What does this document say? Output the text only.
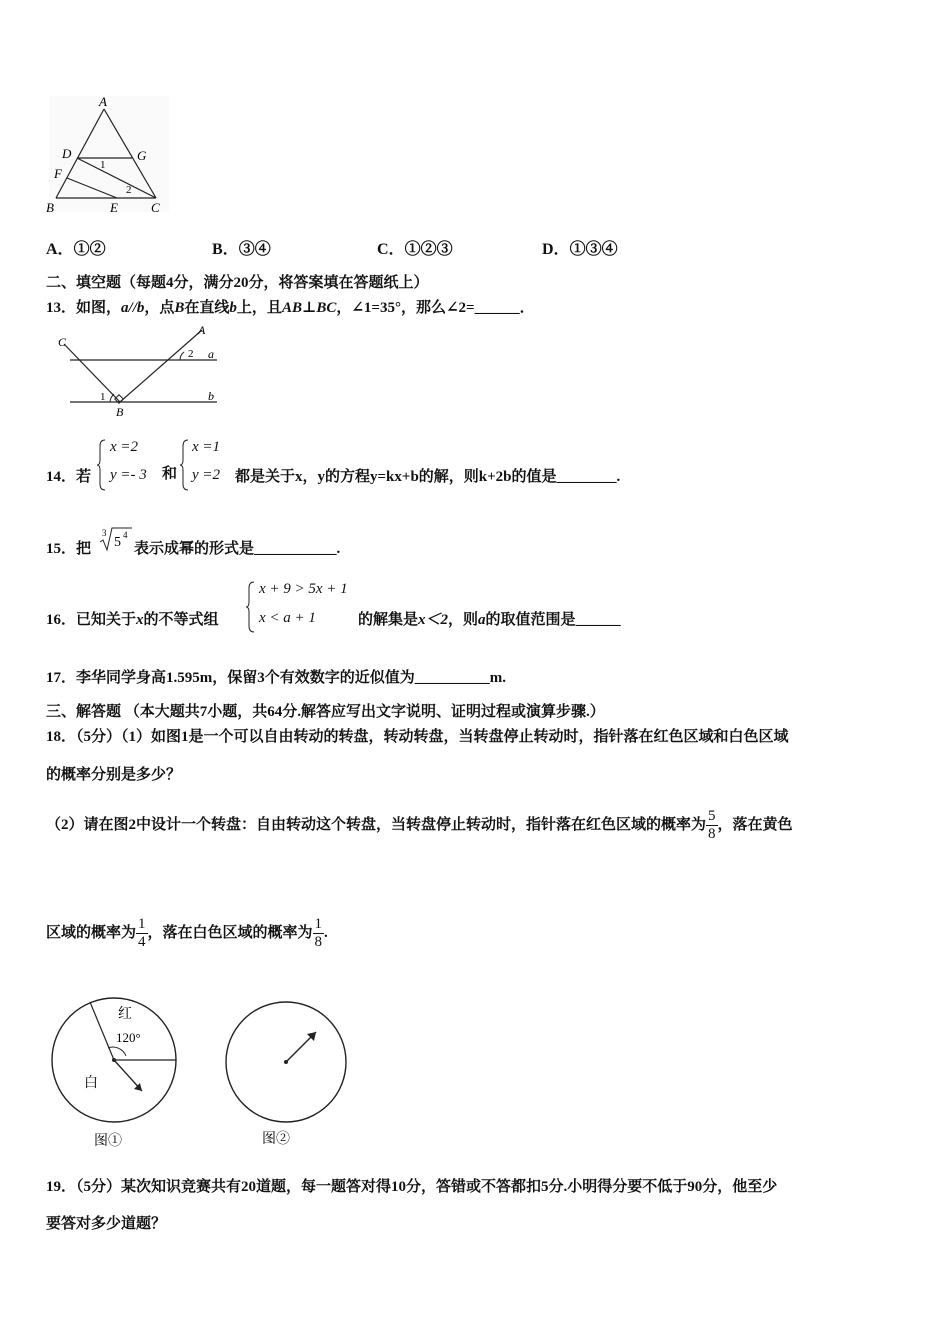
A
D	G
F
1
2
B	E	C
A．①②	B．③④	C．①②③	D．①③④
二、填空题（每题4分，满分20分，将答案填在答题纸上）
13．如图，a//b，点B在直线b上，且AB⊥BC，∠1=35°，那么∠2=______．
C
A
2 a
1
B
b
14．若
x =2
y =- 3 和
x =1
y =2 都是关于x，y的方程y=kx+b的解，则k+2b的值是________.
15．把
3
5 4
表示成幂的形式是___________.
16．已知关于x的不等式组
x + 9 > 5x + 1
x < a + 1	的解集是x＜2，则a的取值范围是______
17．李华同学身高1.595m，保留3个有效数字的近似值为__________m.
三、解答题 （本大题共7小题，共64分.解答应写出文字说明、证明过程或演算步骤.）
18．（5分）（1）如图1是一个可以自由转动的转盘，转动转盘，当转盘停止转动时，指针落在红色区域和白色区域
的概率分别是多少？
（2）请在图2中设计一个转盘：自由转动这个转盘，当转盘停止转动时，指针落在红色区域的概率为 $\frac{5}{8}$ ，落在黄色
区域的概率为 $\frac{1}{4}$ ，落在白色区域的概率为 $\frac{1}{8}$ .
红
120°
白
图①	图②
19．（5分）某次知识竞赛共有20道题，每一题答对得10分，答错或不答都扣5分.小明得分要不低于90分，他至少
要答对多少道题？
